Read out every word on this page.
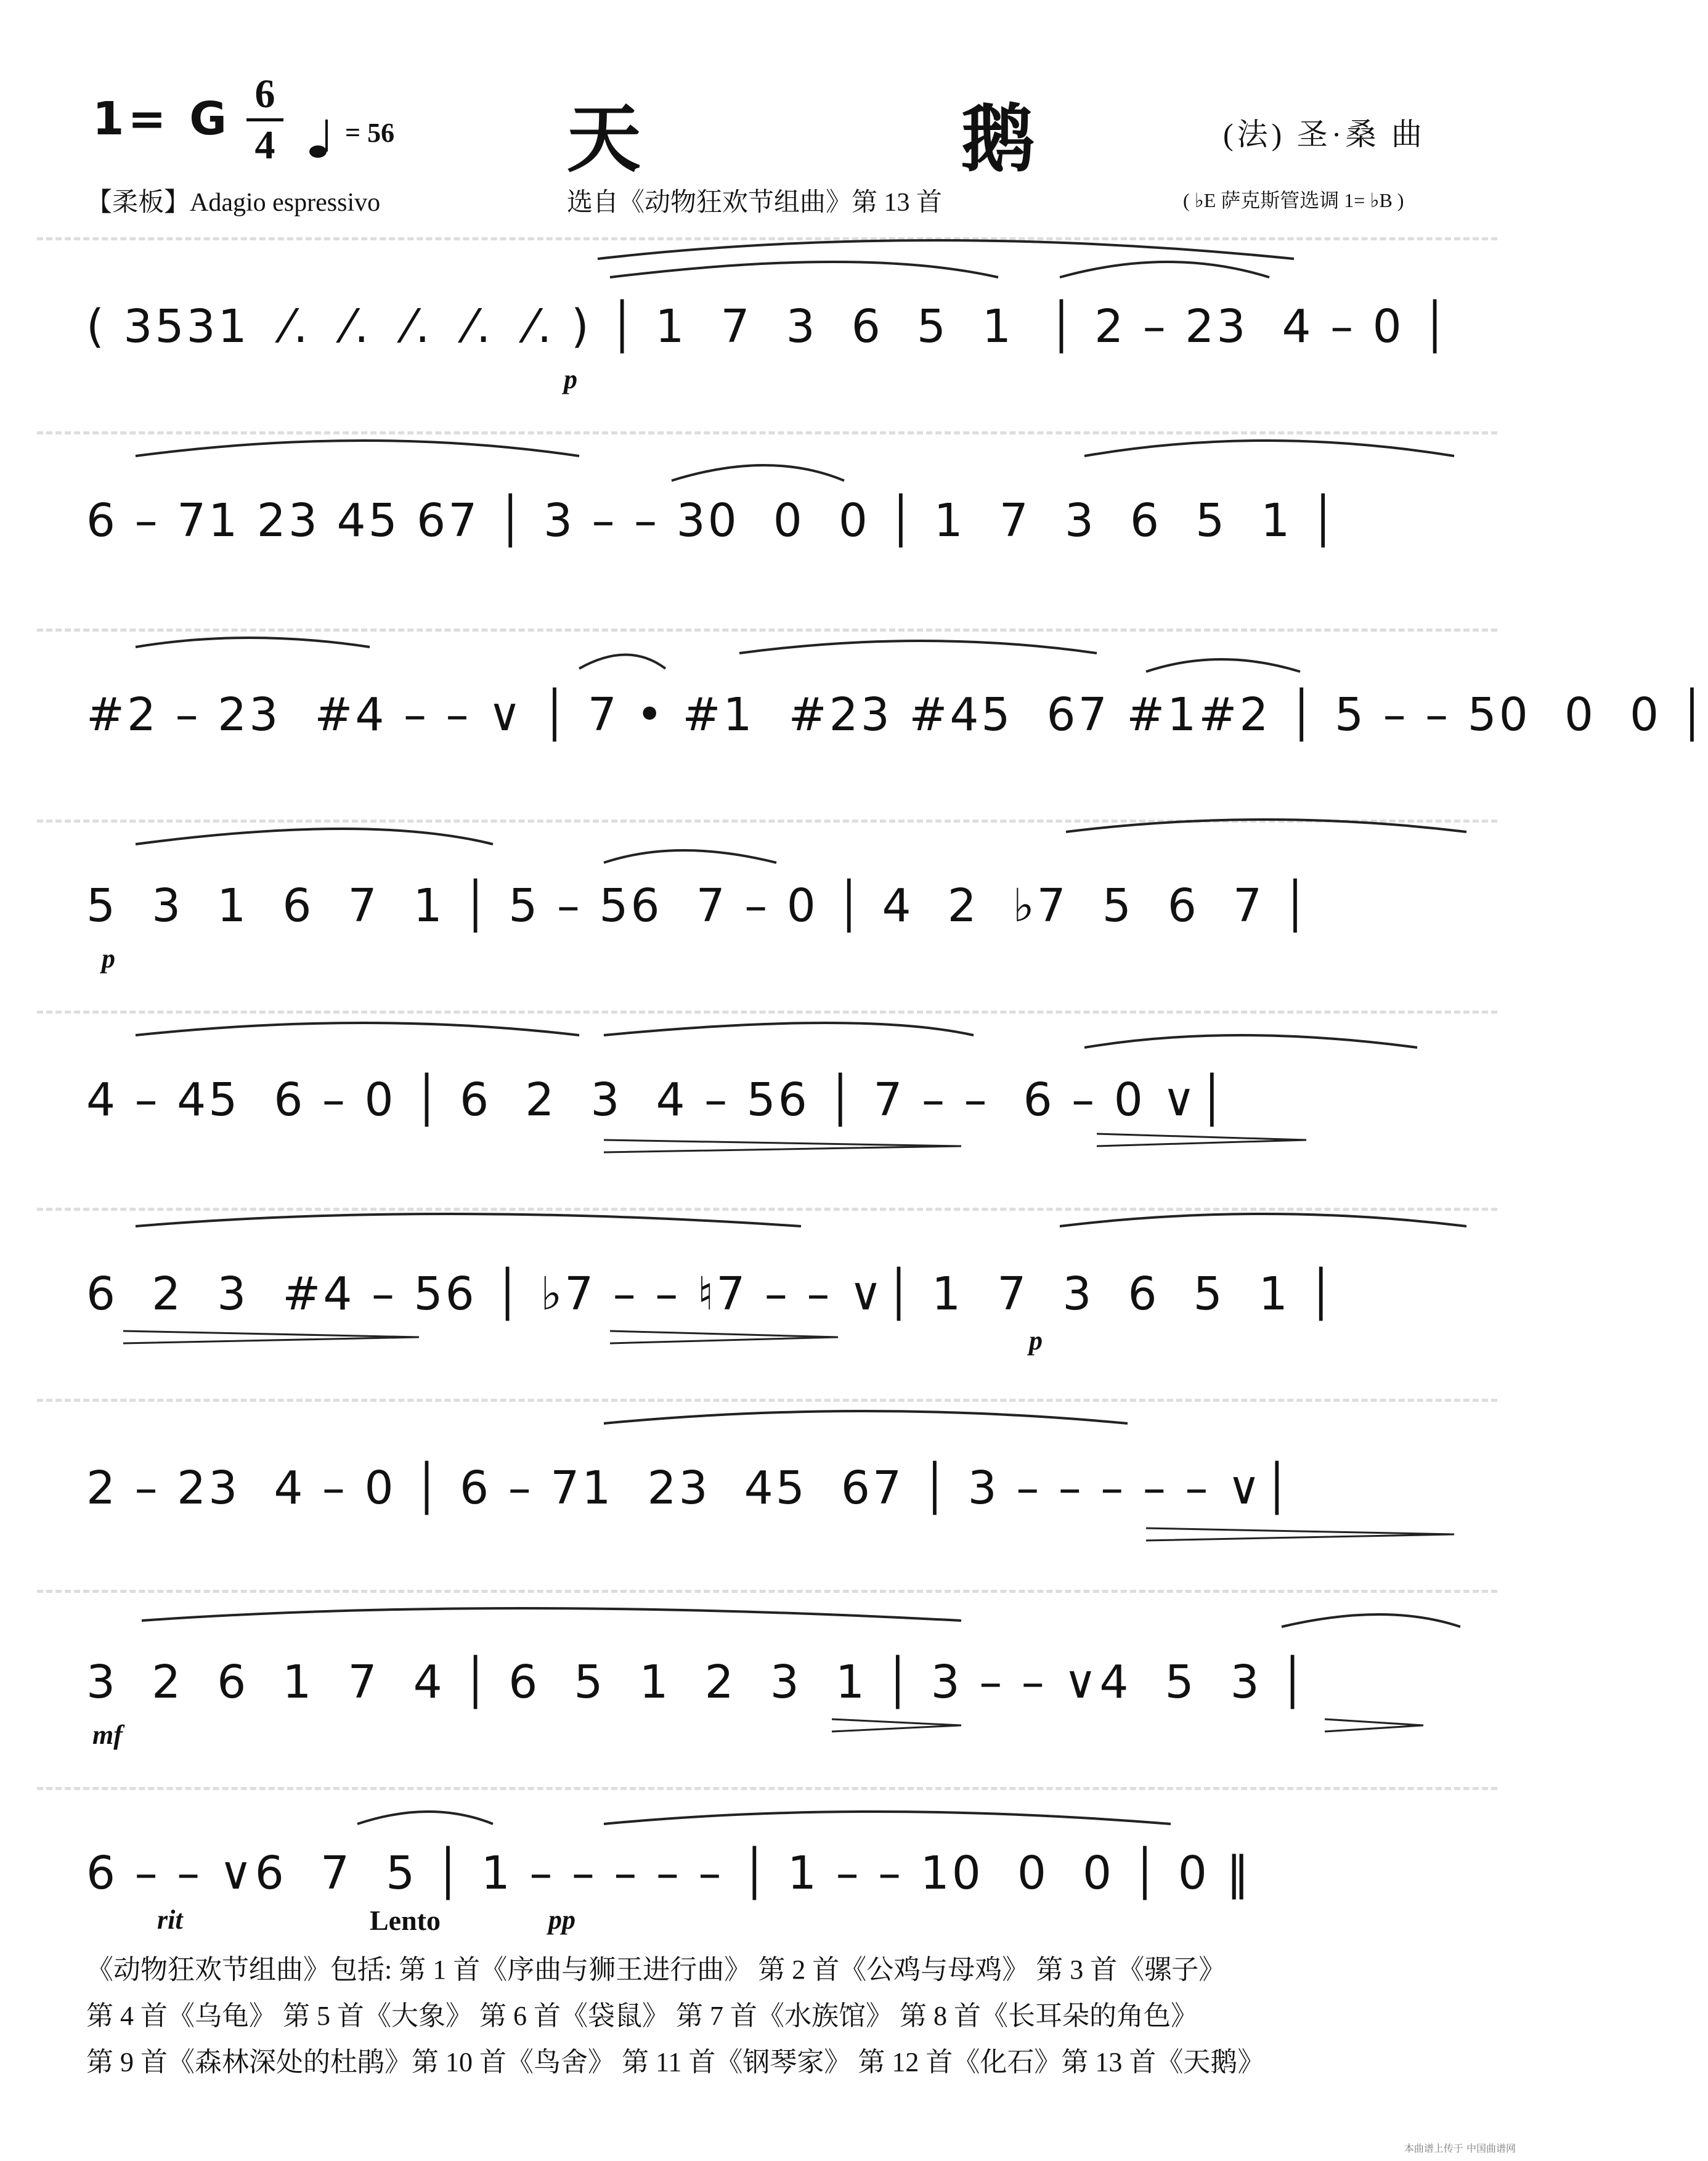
1= G 6
4	= 56 天	鹅	(法) 圣·桑 曲
【柔板】Adagio espressivo	选自《动物狂欢节组曲》第 13 首	( ♭E 萨克斯管选调 1= ♭B )
( 3531  ⁄.  ⁄.  ⁄.  ⁄.  ⁄. ) │ 1  7  3  6  5  1  │ 2 – 23  4 – 0 │
6 – 71 23 45 67 │ 3 – – 30  0  0 │ 1  7  3  6  5  1 │
#2 – 23  #4 – – ∨ │ 7 • #1  #23 #45  67 #1#2 │ 5 – – 50  0  0 │
5  3  1  6  7  1 │ 5 – 56  7 – 0 │ 4  2  ♭7  5  6  7 │
4 – 45  6 – 0 │ 6  2  3  4 – 56 │ 7 – –  6 – 0 ∨│
6  2  3  #4 – 56 │ ♭7 – – ♮7 – – ∨│ 1  7  3  6  5  1 │
2 – 23  4 – 0 │ 6 – 71  23  45  67 │ 3 – – – – – ∨│
3  2  6  1  7  4 │ 6  5  1  2  3  1 │ 3 – – ∨4  5  3 │
6 – – ∨6  7  5 │ 1 – – – – – │ 1 – – 10  0  0 │ 0 ‖
p
p
p
mf
rit	Lento	pp
《动物狂欢节组曲》包括: 第 1 首《序曲与狮王进行曲》 第 2 首《公鸡与母鸡》 第 3 首《骡子》
第 4 首《乌龟》 第 5 首《大象》 第 6 首《袋鼠》 第 7 首《水族馆》 第 8 首《长耳朵的角色》
第 9 首《森林深处的杜鹃》第 10 首《鸟舍》 第 11 首《钢琴家》 第 12 首《化石》第 13 首《天鹅》
本曲谱上传于 中国曲谱网
